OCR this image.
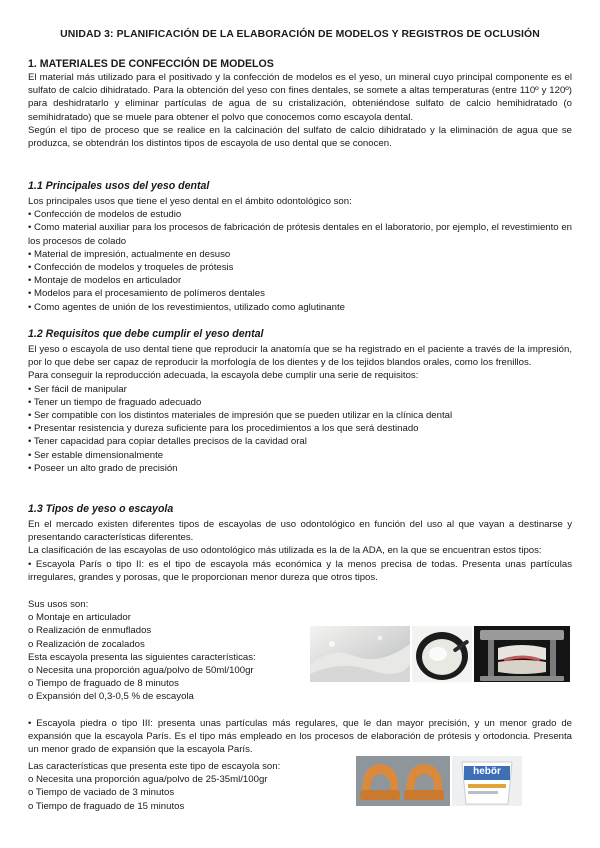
UNIDAD 3: PLANIFICACIÓN DE LA ELABORACIÓN DE MODELOS Y REGISTROS DE OCLUSIÓN
1. MATERIALES DE CONFECCIÓN DE MODELOS

El material más utilizado para el positivado y la confección de modelos es el yeso, un mineral cuyo principal componente es el sulfato de calcio dihidratado. Para la obtención del yeso con fines dentales, se somete a altas temperaturas (entre 110º y 120º) para deshidratarlo y eliminar partículas de agua de su cristalización, obteniéndose sulfato de calcio hemihidratado (o semihidratado) que se muele para obtener el polvo que conocemos como escayola dental.

Según el tipo de proceso que se realice en la calcinación del sulfato de calcio dihidratado y la eliminación de agua que se produzca, se obtendrán los distintos tipos de escayola de uso dental que se conocen.

1.1 Principales usos del yeso dental
Los principales usos que tiene el yeso dental en el ámbito odontológico son:
• Confección de modelos de estudio
• Como material auxiliar para los procesos de fabricación de prótesis dentales en el laboratorio, por ejemplo, el revestimiento en los procesos de colado
• Material de impresión, actualmente en desuso
• Confección de modelos y troqueles de prótesis
• Montaje de modelos en articulador
• Modelos para el procesamiento de polímeros dentales
• Como agentes de unión de los revestimientos, utilizado como aglutinante
1.2 Requisitos que debe cumplir el yeso dental
El yeso o escayola de uso dental tiene que reproducir la anatomía que se ha registrado en el paciente a través de la impresión, por lo que debe ser capaz de reproducir la morfología de los dientes y de los tejidos blandos orales, como los frenillos.
Para conseguir la reproducción adecuada, la escayola debe cumplir una serie de requisitos:
• Ser fácil de manipular
• Tener un tiempo de fraguado adecuado
• Ser compatible con los distintos materiales de impresión que se pueden utilizar en la clínica dental
• Presentar resistencia y dureza suficiente para los procedimientos a los que será destinado
• Tener capacidad para copiar detalles precisos de la cavidad oral
• Ser estable dimensionalmente
• Poseer un alto grado de precisión
1.3 Tipos de yeso o escayola
En el mercado existen diferentes tipos de escayolas de uso odontológico en función del uso al que vayan a destinarse y presentando características diferentes.
La clasificación de las escayolas de uso odontológico más utilizada es la de la ADA, en la que se encuentran estos tipos:
• Escayola París o tipo II: es el tipo de escayola más económica y la menos precisa de todas. Presenta unas partículas irregulares, grandes y porosas, que le proporcionan menor dureza que otros tipos.
Sus usos son:
o Montaje en articulador
o Realización de enmuflados
o Realización de zocalados
Esta escayola presenta las siguientes características:
o Necesita una proporción agua/polvo de 50ml/100gr
o Tiempo de fraguado de 8 minutos
o Expansión del 0,3-0,5 % de escayola
• Escayola piedra o tipo III: presenta unas partículas más regulares, que le dan mayor precisión, y un menor grado de expansión que la escayola París. Es el tipo más empleado en los procesos de elaboración de prótesis y ortodoncia. Presenta un menor grado de expansión que la escayola París.
Las características que presenta este tipo de escayola son:
o Necesita una proporción agua/polvo de 25-35ml/100gr
o Tiempo de vaciado de 3 minutos
o Tiempo de fraguado de 15 minutos
hebör
